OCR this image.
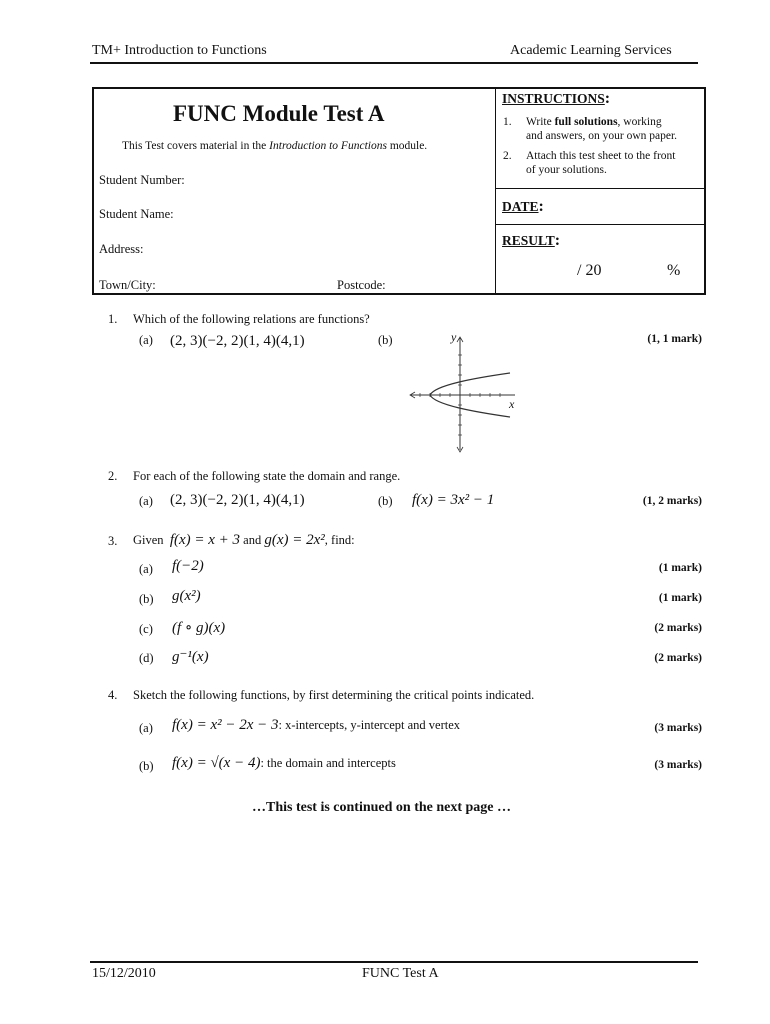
TM+ Introduction to Functions	Academic Learning Services
FUNC Module Test A
This Test covers material in the Introduction to Functions module.
Student Number:
Student Name:
Address:
Town/City:	Postcode:
INSTRUCTIONS:
1. Write full solutions, working
and answers, on your own paper.
2. Attach this test sheet to the front
of your solutions.
DATE:
RESULT:
/ 20	%
1. Which of the following relations are functions?
(a) (2, 3)(−2, 2)(1, 4)(4,1)	(b)	(1, 1 mark)
y
x
2. For each of the following state the domain and range.
(a) (2, 3)(−2, 2)(1, 4)(4,1)	(b) f(x) = 3x² − 1	(1, 2 marks)
3. Given f(x) = x + 3 and g(x) = 2x², find:
(a) f(−2)	(1 mark)
(b) g(x²)	(1 mark)
(c) (f ∘ g)(x)	(2 marks)
(d) g⁻¹(x)	(2 marks)
4. Sketch the following functions, by first determining the critical points indicated.
(a) f(x) = x² − 2x − 3: x-intercepts, y-intercept and vertex	(3 marks)
(b) f(x) = √(x − 4): the domain and intercepts	(3 marks)
…This test is continued on the next page …
15/12/2010	FUNC Test A
